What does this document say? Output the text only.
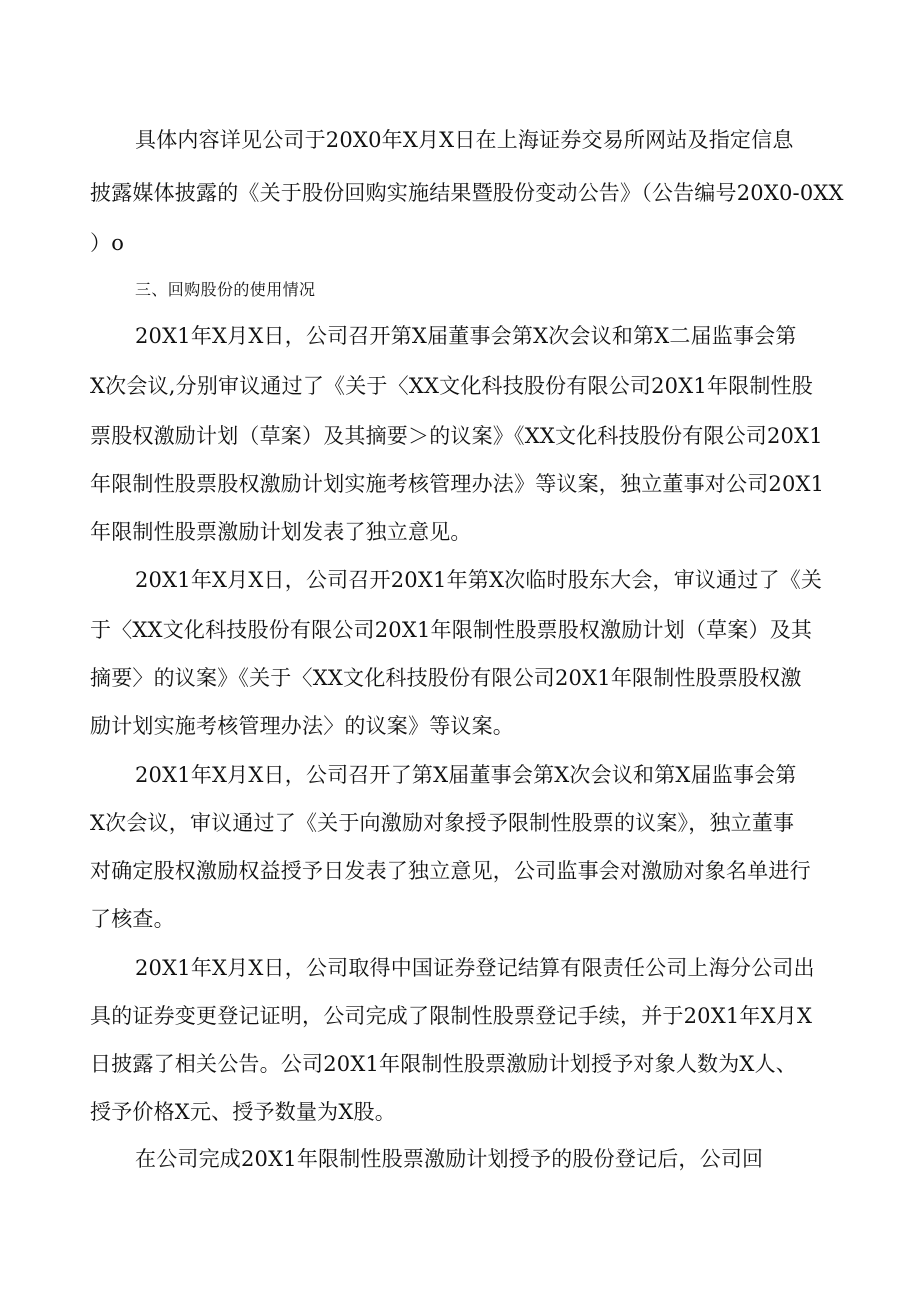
具体内容详见公司于20X0年X月X日在上海证券交易所网站及指定信息
披露媒体披露的《关于股份回购实施结果暨股份变动公告》（公告编号20X0-0XX
）o
三、回购股份的使用情况
20X1年X月X日，公司召开第X届董事会第X次会议和第X二届监事会第
X次会议,分别审议通过了《关于〈XX文化科技股份有限公司20X1年限制性股
票股权激励计划（草案）及其摘要＞的议案》《XX文化科技股份有限公司20X1
年限制性股票股权激励计划实施考核管理办法》等议案，独立董事对公司20X1
年限制性股票激励计划发表了独立意见。
20X1年X月X日，公司召开20X1年第X次临时股东大会，审议通过了《关
于〈XX文化科技股份有限公司20X1年限制性股票股权激励计划（草案）及其
摘要〉的议案》《关于〈XX文化科技股份有限公司20X1年限制性股票股权激
励计划实施考核管理办法〉的议案》等议案。
20X1年X月X日，公司召开了第X届董事会第X次会议和第X届监事会第
X次会议，审议通过了《关于向激励对象授予限制性股票的议案》，独立董事
对确定股权激励权益授予日发表了独立意见，公司监事会对激励对象名单进行
了核查。
20X1年X月X日，公司取得中国证券登记结算有限责任公司上海分公司出
具的证券变更登记证明，公司完成了限制性股票登记手续，并于20X1年X月X
日披露了相关公告。公司20X1年限制性股票激励计划授予对象人数为X人、
授予价格X元、授予数量为X股。
在公司完成20X1年限制性股票激励计划授予的股份登记后，公司回
